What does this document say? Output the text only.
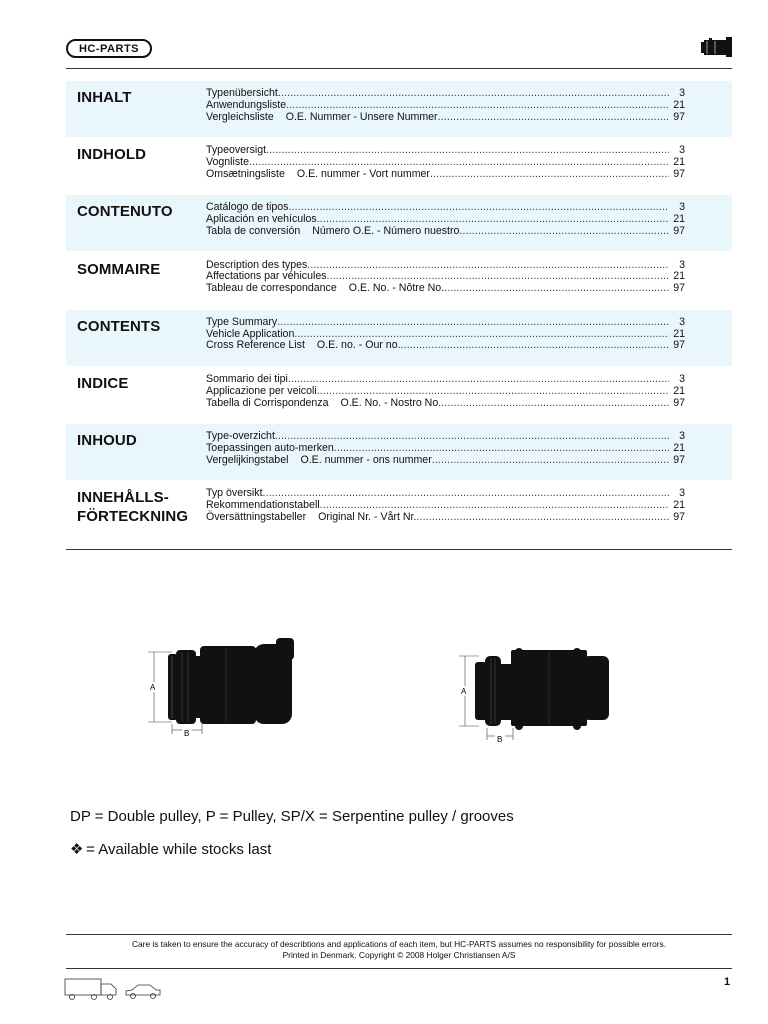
HC-PARTS
INHALT	Typenübersicht . . .	3
Anwendungsliste . . .	21
Vergleichsliste	O.E. Nummer - Unsere Nummer . . .	97
INDHOLD	Typeoversigt . . .	3
Vognliste . . .	21
Omsætningsliste	O.E. nummer - Vort nummer . . .	97
CONTENUTO	Catálogo de tipos . . .	3
Aplicación en vehículos . . .	21
Tabla de conversión	Número O.E. - Número nuestro . . .	97
SOMMAIRE	Description des types . . .	3
Affectations par véhicules . . .	21
Tableau de correspondance	O.E. No. - Nôtre No. . . .	97
CONTENTS	Type Summary . . .	3
Vehicle Application . . .	21
Cross Reference List	O.E. no. - Our no. . . .	97
INDICE	Sommario dei tipi . . .	3
Applicazione per veicoli . . .	21
Tabella di Corrispondenza	O.E. No. - Nostro No. . . .	97
INHOUD	Type-overzicht . . .	3
Toepassingen auto-merken . . .	21
Vergelijkingstabel	O.E. nummer - ons nummer . . .	97
INNEHÅLLS-
FÖRTECKNING
Typ översikt . . .	3
Rekommendationstabell . . .	21
Översättningstabeller	Original Nr. - Vårt Nr. . . .	97
A
B
A
B
DP = Double pulley, P = Pulley, SP/X = Serpentine pulley / grooves
❖ = Available while stocks last
Care is taken to ensure the accuracy of describtions and applications of each item, but HC-PARTS assumes no responsibility for possible errors.
Printed in Denmark. Copyright © 2008 Holger Christiansen A/S
1
